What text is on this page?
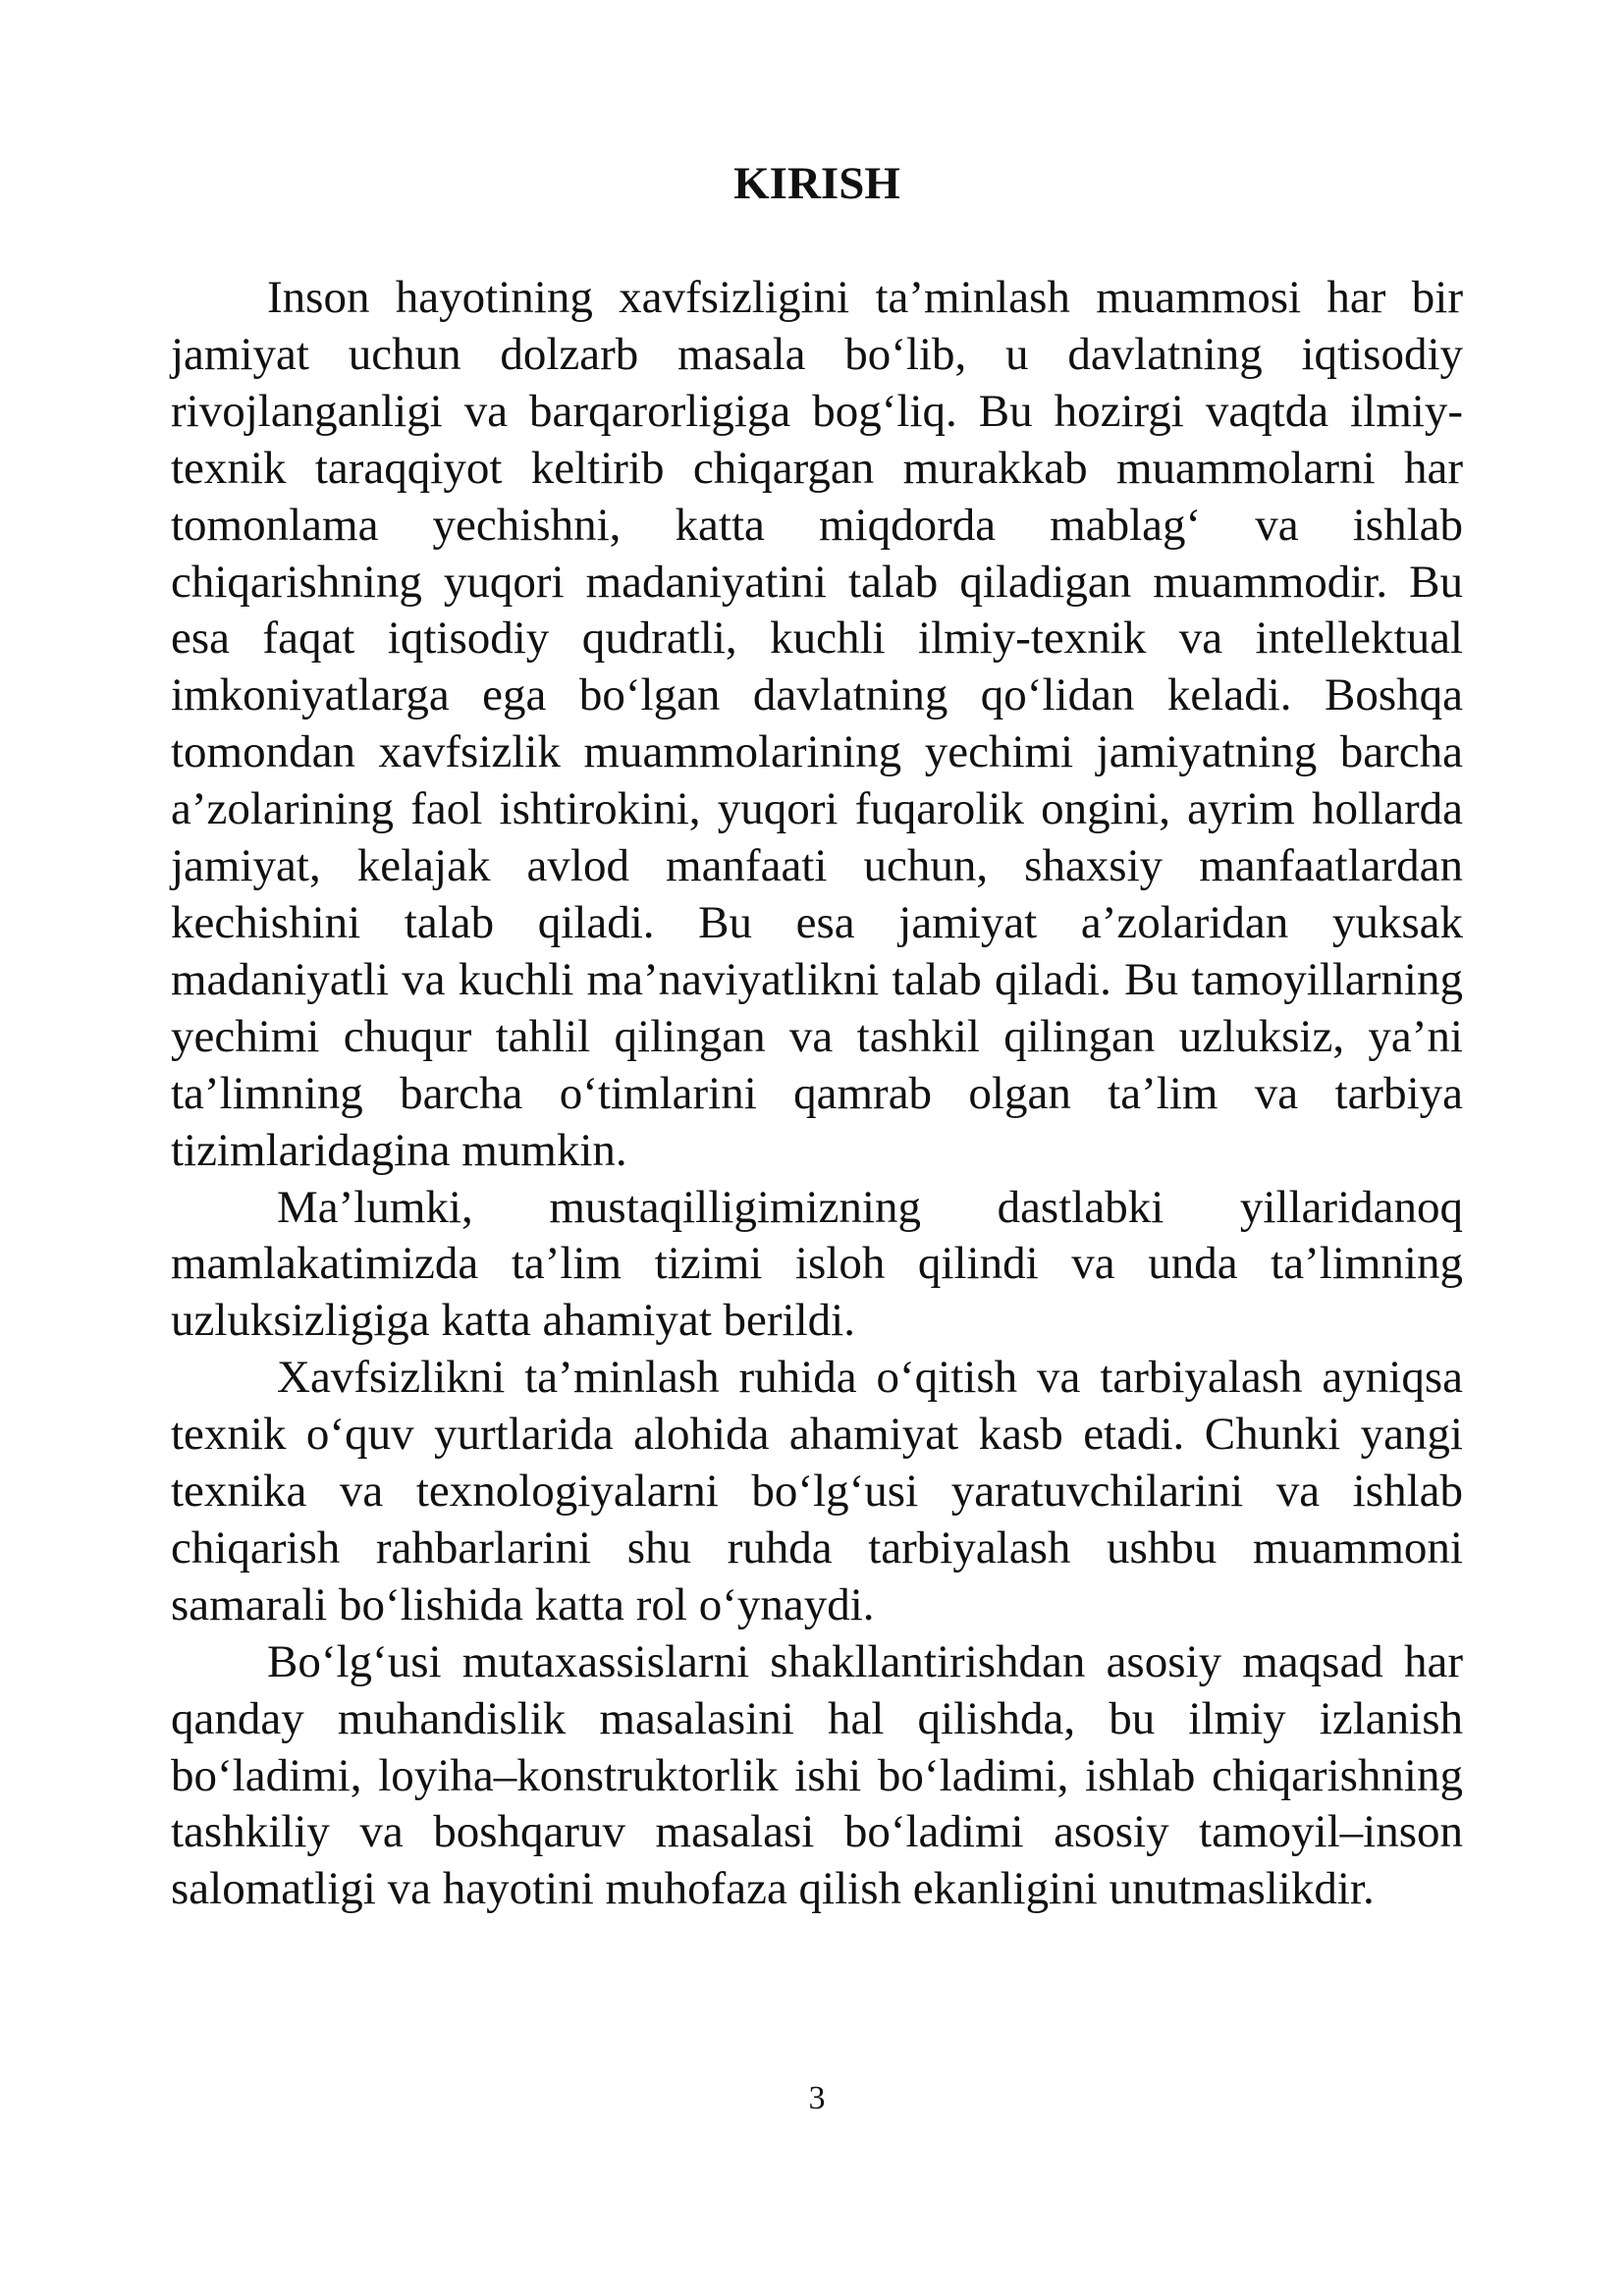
KIRISH

Inson hayotining xavfsizligini ta’minlash muammosi har bir jamiyat uchun dolzarb masala bo‘lib, u davlatning iqtisodiy rivojlanganligi va barqarorligiga bog‘liq. Bu hozirgi vaqtda ilmiy-texnik taraqqiyot keltirib chiqargan murakkab muammolarni har tomonlama yechishni, katta miqdorda mablag‘ va ishlab chiqarishning yuqori madaniyatini talab qiladigan muammodir. Bu esa faqat iqtisodiy qudratli, kuchli ilmiy-texnik va intellektual imkoniyatlarga ega bo‘lgan davlatning qo‘lidan keladi. Boshqa tomondan xavfsizlik muammolarining yechimi jamiyatning barcha a’zolarining faol ishtirokini, yuqori fuqarolik ongini, ayrim hollarda jamiyat, kelajak avlod manfaati uchun, shaxsiy manfaatlardan kechishini talab qiladi. Bu esa jamiyat a’zolaridan yuksak madaniyatli va kuchli ma’naviyatlikni talab qiladi. Bu tamoyillarning yechimi chuqur tahlil qilingan va tashkil qilingan uzluksiz, ya’ni ta’limning barcha o‘timlarini qamrab olgan ta’lim va tarbiya tizimlaridagina mumkin.

Ma’lumki, mustaqilligimizning dastlabki yillaridanoq mamlakatimizda ta’lim tizimi isloh qilindi va unda ta’limning uzluksizligiga katta ahamiyat berildi.

Xavfsizlikni ta’minlash ruhida o‘qitish va tarbiyalash ayniqsa texnik o‘quv yurtlarida alohida ahamiyat kasb etadi. Chunki yangi texnika va texnologiyalarni bo‘lg‘usi yaratuvchilarini va ishlab chiqarish rahbarlarini shu ruhda tarbiyalash ushbu muammoni samarali bo‘lishida katta rol o‘ynaydi.

Bo‘lg‘usi mutaxassislarni shakllantirishdan asosiy maqsad har qanday muhandislik masalasini hal qilishda, bu ilmiy izlanish bo‘ladimi, loyiha–konstruktorlik ishi bo‘ladimi, ishlab chiqarishning tashkiliy va boshqaruv masalasi bo‘ladimi asosiy tamoyil–inson salomatligi va hayotini muhofaza qilish ekanligini unutmaslikdir.

3
